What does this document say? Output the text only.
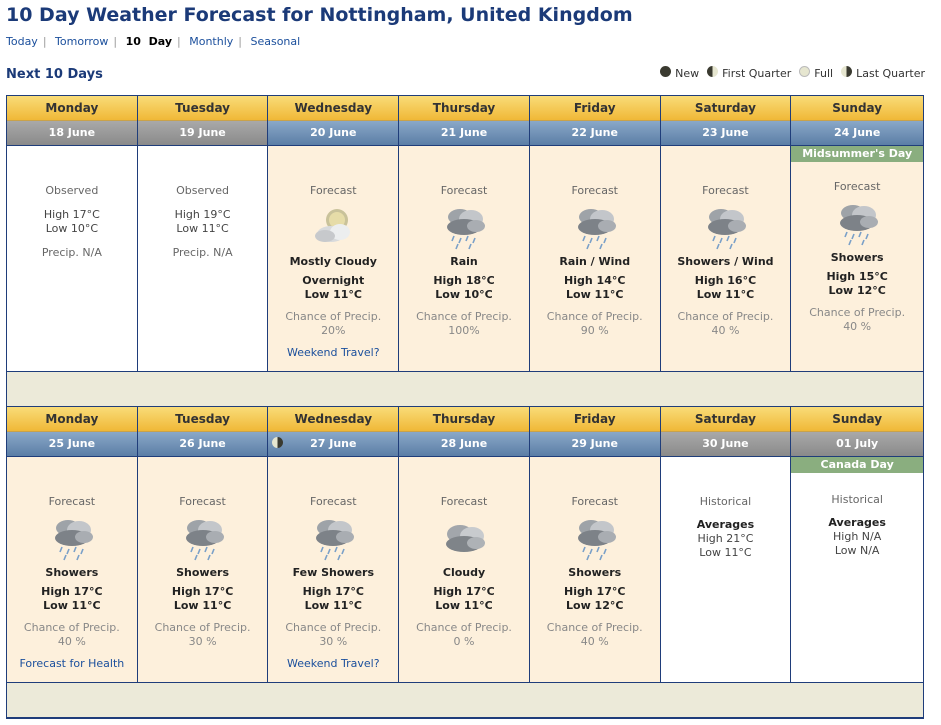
10 Day Weather Forecast for Nottingham, United Kingdom
Today | Tomorrow | 10  Day | Monthly | Seasonal
Next 10 Days	New First Quarter Full Last Quarter
Monday
18 June
Observed
High 17°C
Low 10°C
Precip. N/A
Tuesday
19 June
Observed
High 19°C
Low 11°C
Precip. N/A
Wednesday
20 June
Forecast
Mostly Cloudy
Overnight
Low 11°C
Chance of Precip.
20%
Weekend Travel?
Thursday
21 June
Forecast
Rain
High 18°C
Low 10°C
Chance of Precip.
100%
Friday
22 June
Forecast
Rain / Wind
High 14°C
Low 11°C
Chance of Precip.
90 %
Saturday
23 June
Forecast
Showers / Wind
High 16°C
Low 11°C
Chance of Precip.
40 %
Sunday
24 June
Midsummer's Day
Forecast
Showers
High 15°C
Low 12°C
Chance of Precip.
40 %
Monday
25 June
Forecast
Showers
High 17°C
Low 11°C
Chance of Precip.
40 %
Forecast for Health
Tuesday
26 June
Forecast
Showers
High 17°C
Low 11°C
Chance of Precip.
30 %
Wednesday
27 June
Forecast
Few Showers
High 17°C
Low 11°C
Chance of Precip.
30 %
Weekend Travel?
Thursday
28 June
Forecast
Cloudy
High 17°C
Low 11°C
Chance of Precip.
0 %
Friday
29 June
Forecast
Showers
High 17°C
Low 12°C
Chance of Precip.
40 %
Saturday
30 June
Historical
Averages
High 21°C
Low 11°C
Sunday
01 July
Canada Day
Historical
Averages
High N/A
Low N/A
